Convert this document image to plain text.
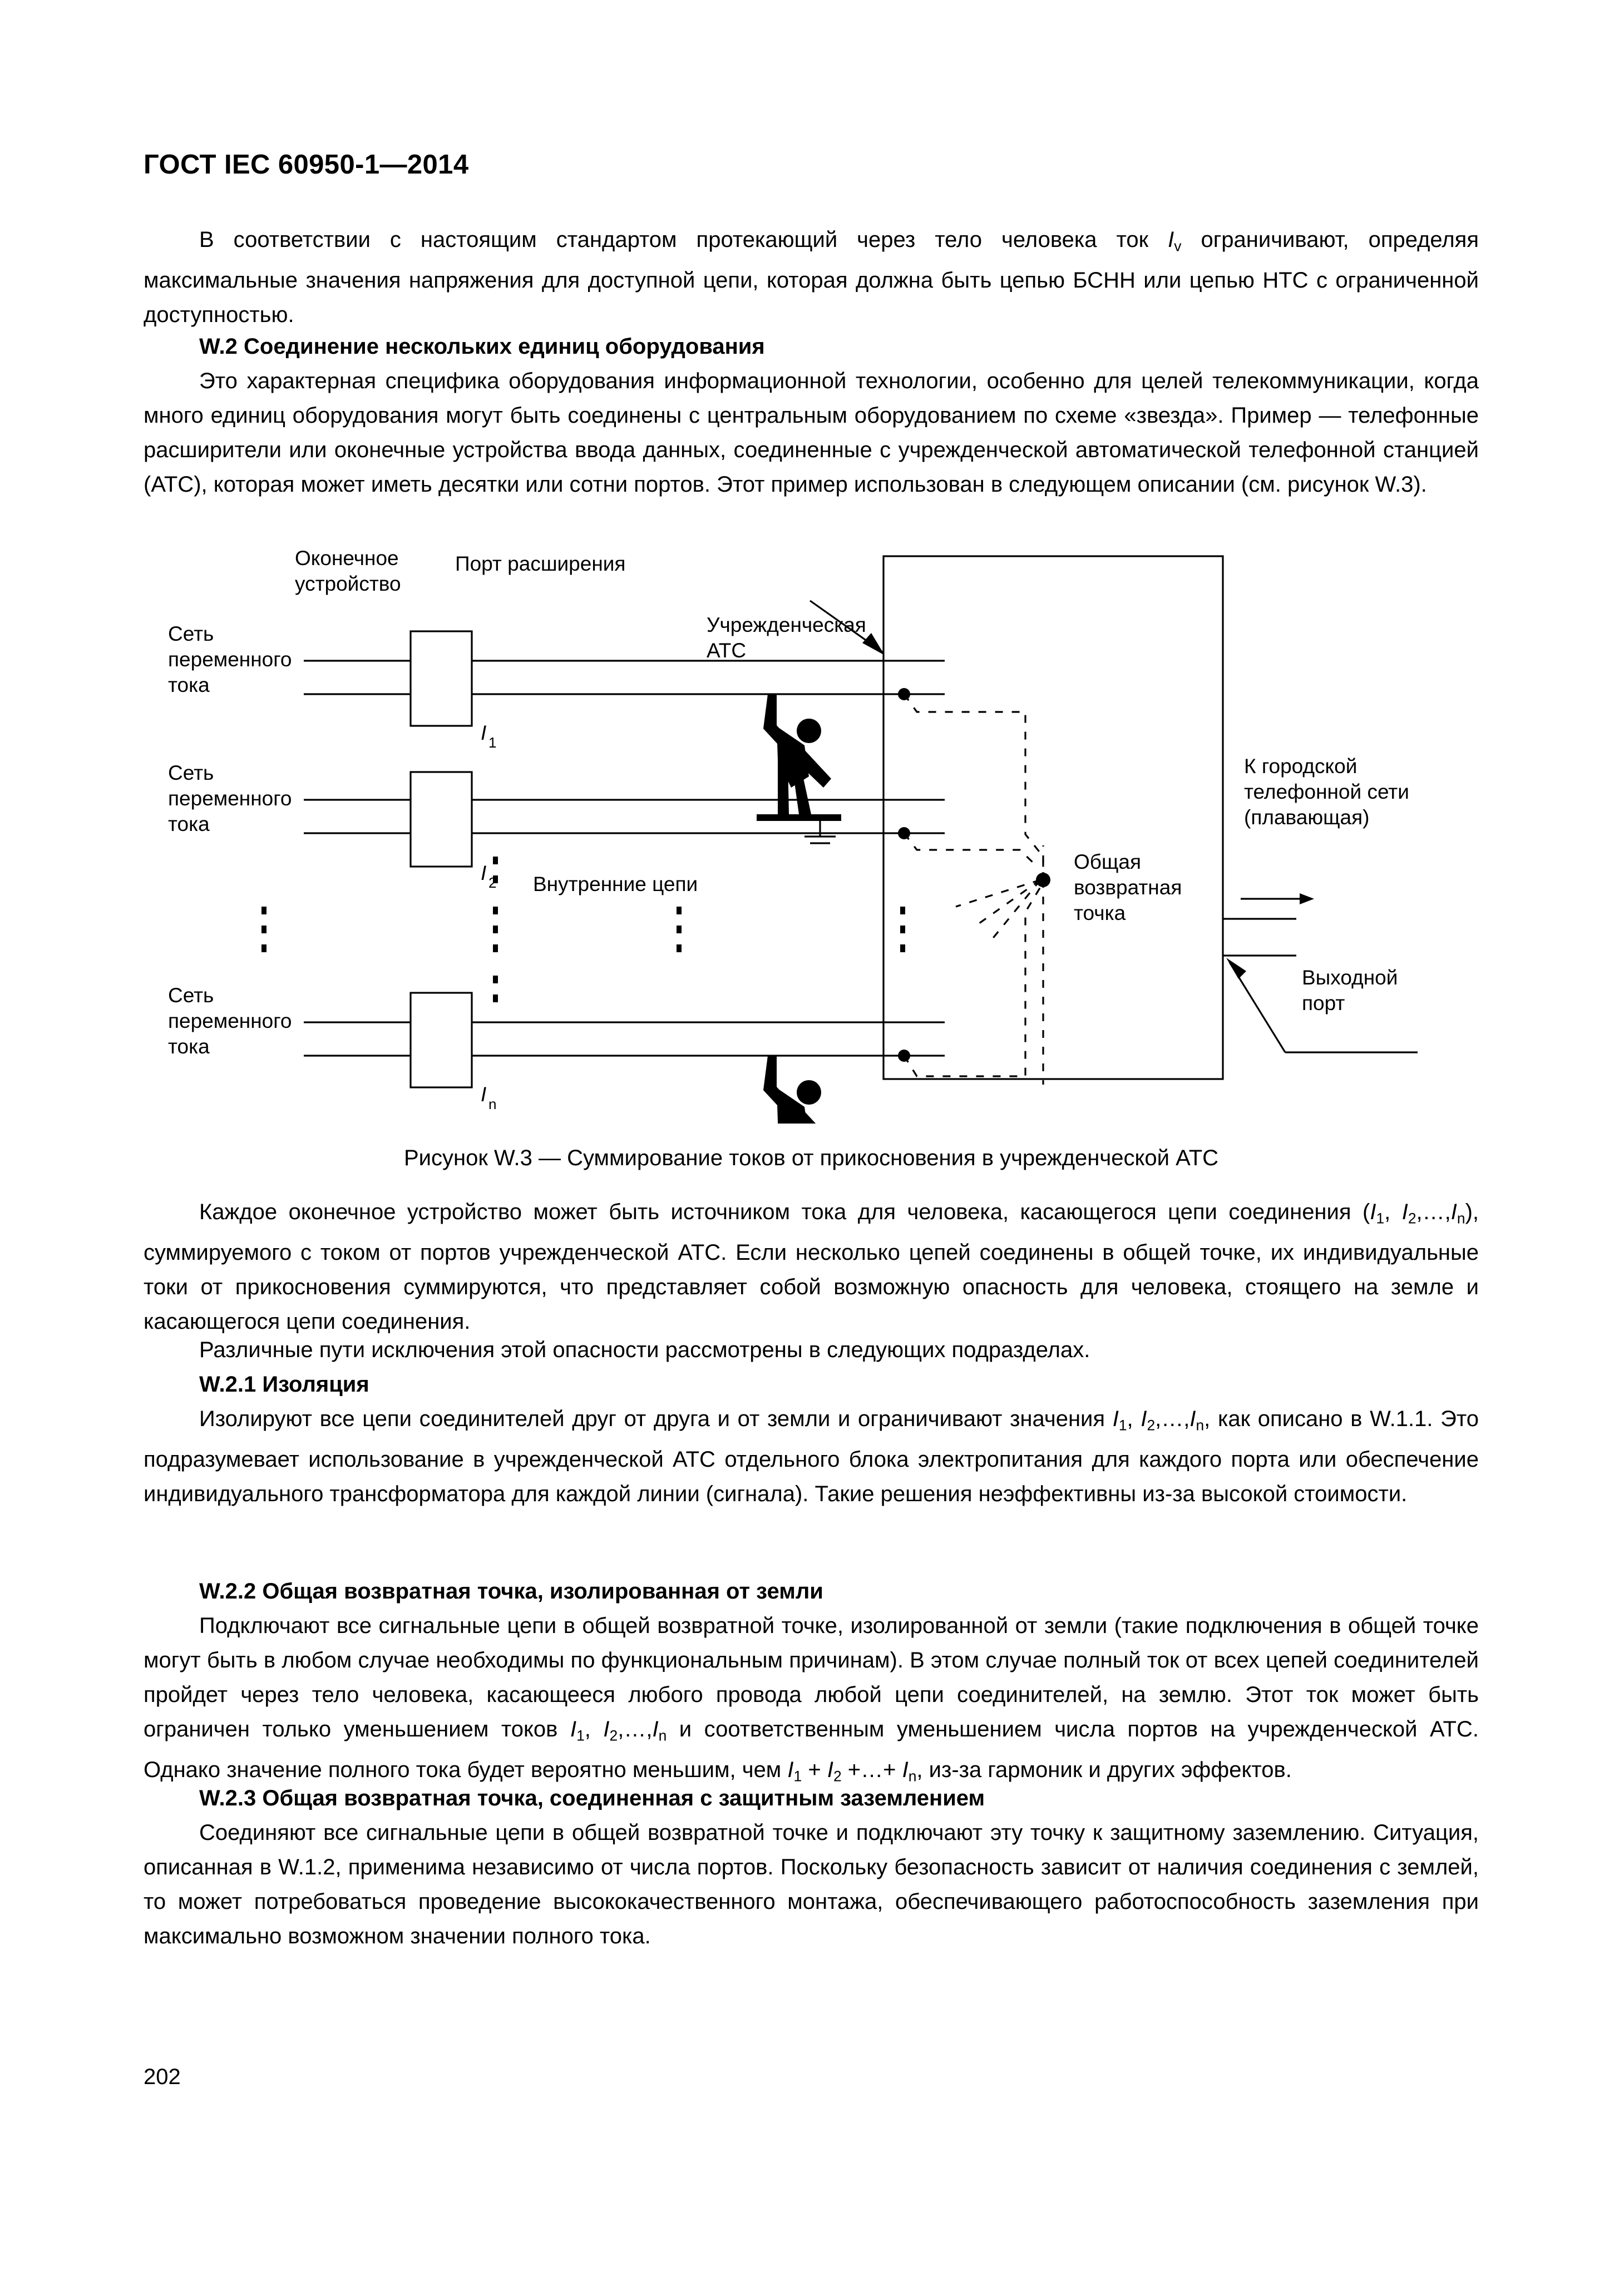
ГОСТ IEC 60950-1—2014

В соответствии с настоящим стандартом протекающий через тело человека ток $I_v$ ограничивают, определяя максимальные значения напряжения для доступной цепи, которая должна быть цепью БСНН или цепью НТС с ограниченной доступностью.

W.2 Соединение нескольких единиц оборудования

Это характерная специфика оборудования информационной технологии, особенно для целей телекоммуникации, когда много единиц оборудования могут быть соединены с центральным оборудованием по схеме «звезда». Пример — телефонные расширители или оконечные устройства ввода данных, соединенные с учрежденческой автоматической телефонной станцией (АТС), которая может иметь десятки или сотни портов. Этот пример использован в следующем описании (см. рисунок W.3).

Оконечное
устройство
Порт расширения
Учрежденческая
АТС
Сеть
переменного
тока
Сеть
переменного
тока
Сеть
переменного
тока
I 1
I 2
I n
Внутренние цепи
Общая
возвратная
точка
К городской
телефонной сети
(плавающая)
Выходной
порт
Рисунок W.3 — Суммирование токов от прикосновения в учрежденческой АТС

Каждое оконечное устройство может быть источником тока для человека, касающегося цепи соединения ($I_1$, $I_2,\dots,I_n$), суммируемого с током от портов учрежденческой АТС. Если несколько цепей соединены в общей точке, их индивидуальные токи от прикосновения суммируются, что представляет собой возможную опасность для человека, стоящего на земле и касающегося цепи соединения.

Различные пути исключения этой опасности рассмотрены в следующих подразделах.

W.2.1 Изоляция

Изолируют все цепи соединителей друг от друга и от земли и ограничивают значения $I_1$, $I_2,\dots,I_n$, как описано в W.1.1. Это подразумевает использование в учрежденческой АТС отдельного блока электропитания для каждого порта или обеспечение индивидуального трансформатора для каждой линии (сигнала). Такие решения неэффективны из-за высокой стоимости.

W.2.2 Общая возвратная точка, изолированная от земли

Подключают все сигнальные цепи в общей возвратной точке, изолированной от земли (такие подключения в общей точке могут быть в любом случае необходимы по функциональным причинам). В этом случае полный ток от всех цепей соединителей пройдет через тело человека, касающееся любого провода любой цепи соединителей, на землю. Этот ток может быть ограничен только уменьшением токов $I_1$, $I_2,\dots,I_n$ и соответственным уменьшением числа портов на учрежденческой АТС. Однако значение полного тока будет вероятно меньшим, чем $I_1 + I_2$ +…+ $I_n$, из-за гармоник и других эффектов.

W.2.3 Общая возвратная точка, соединенная с защитным заземлением

Соединяют все сигнальные цепи в общей возвратной точке и подключают эту точку к защитному заземлению. Ситуация, описанная в W.1.2, применима независимо от числа портов. Поскольку безопасность зависит от наличия соединения с землей, то может потребоваться проведение высококачественного монтажа, обеспечивающего работоспособность заземления при максимально возможном значении полного тока.

202
